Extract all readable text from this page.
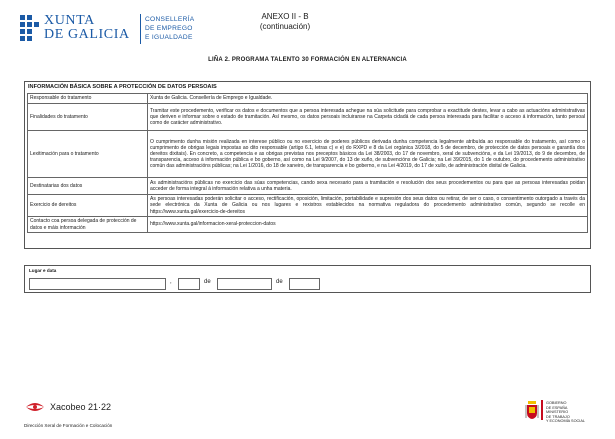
XUNTA
DE GALICIA
CONSELLERÍA
DE EMPREGO
E IGUALDADE
ANEXO II - B
(continuación)
LIÑA 2. PROGRAMA TALENTO 30 FORMACIÓN EN ALTERNANCIA
INFORMACIÓN BÁSICA SOBRE A PROTECCIÓN DE DATOS PERSOAIS
Responsable do tratamento	Xunta de Galicia. Consellería de Emprego e Igualdade.
Finalidades do tratamento	Tramitar este procedemento, verificar os datos e documentos que a persoa interesada achegue na súa solicitude para comprobar a exactitude destes, levar a cabo as actuacións administrativas que deriven e informar sobre o estado de tramitación. Así mesmo, os datos persoais incluiranse na Carpeta cidadá de cada persoa interesada para facilitar o acceso á información, tanto persoal como de carácter administrativo.
Lexitimación para o tratamento	O cumprimento dunha misión realizada en interese público ou no exercicio de poderes públicos derivada dunha competencia legalmente atribuída ao responsable do tratamento, así como o cumprimento de obrigas legais impostas ao dito responsable (artigo 6.1, letras c) e e) do RXPD e 8 da Lei orgánica 3/2018, do 5 de decembro, de protección de datos persoais e garantía dos dereitos dixitais). En concreto, a competencia e as obrigas previstas nos preceptos básicos da Lei 38/2003, do 17 de novembro, xeral de subvencións, e da Lei 19/2013, do 9 de decembro, de transparencia, acceso á información pública e bo goberno, así como na Lei 9/2007, do 13 de xuño, de subvencións de Galicia; na Lei 39/2015, do 1 de outubro, do procedemento administrativo común das administracións públicas; na Lei 1/2016, do 18 de xaneiro, de transparencia e bo goberno, e na Lei 4/2019, do 17 de xullo, de administración dixital de Galicia.
Destinatarias dos datos	As administracións públicas no exercicio das súas competencias, cando sexa necesario para a tramitación e resolución dos seus procedementos ou para que as persoas interesadas poidan acceder de forma integral á información relativa a unha materia.
Exercicio de dereitos	As persoas interesadas poderán solicitar o acceso, rectificación, oposición, limitación, portabilidade e supresión dos seus datos ou retirar, de ser o caso, o consentimento outorgado a través da sede electrónica da Xunta de Galicia ou nos lugares e rexistros establecidos na normativa reguladora do procedemento administrativo común, segundo se recolle en https://www.xunta.gal/exercicio-de-dereitos
Contacto coa persoa delegada de protección de datos e máis información	https://www.xunta.gal/informacion-xeral-proteccion-datos
Lugar e data
,	de	de
Xacobeo 21·22
Dirección Xeral de Formación e Colocación
GOBIERNO
DE ESPAÑA
MINISTERIO
DE TRABAJO
Y ECONOMÍA SOCIAL
